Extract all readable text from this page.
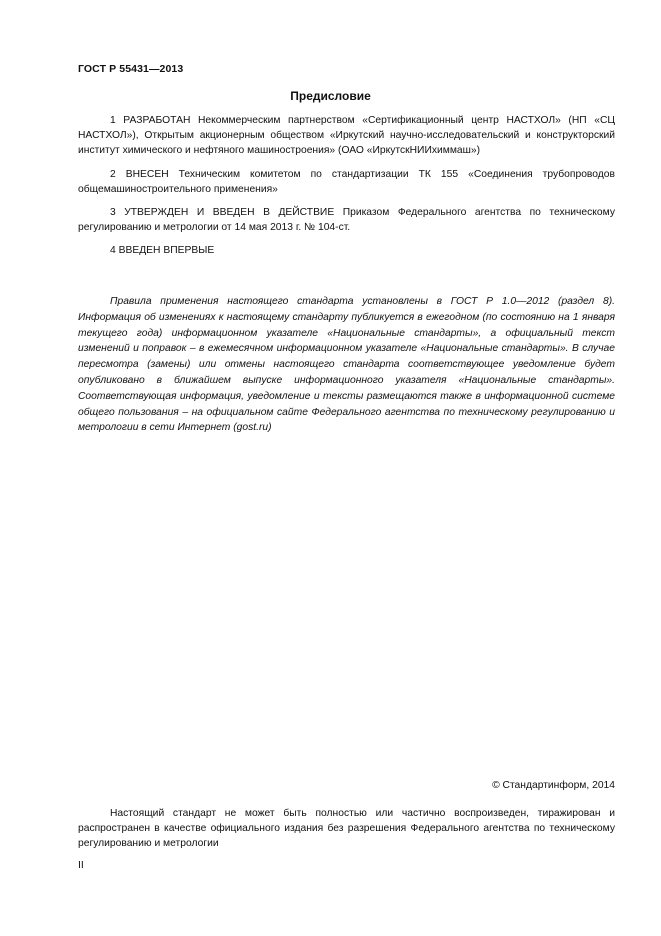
ГОСТ Р 55431—2013
Предисловие
1 РАЗРАБОТАН Некоммерческим партнерством «Сертификационный центр НАСТХОЛ» (НП «СЦ НАСТХОЛ»), Открытым акционерным обществом «Иркутский научно-исследовательский и конструкторский институт химического и нефтяного машиностроения» (ОАО «ИркутскНИИхиммаш»)
2 ВНЕСЕН Техническим комитетом по стандартизации ТК 155 «Соединения трубопроводов общемашиностроительного применения»
3 УТВЕРЖДЕН И ВВЕДЕН В ДЕЙСТВИЕ Приказом Федерального агентства по техническому регулированию и метрологии от 14 мая 2013 г. № 104-ст.
4 ВВЕДЕН ВПЕРВЫЕ
Правила применения настоящего стандарта установлены в ГОСТ Р 1.0—2012 (раздел 8). Информация об изменениях к настоящему стандарту публикуется в ежегодном (по состоянию на 1 января текущего года) информационном указателе «Национальные стандарты», а официальный текст изменений и поправок – в ежемесячном информационном указателе «Национальные стандарты». В случае пересмотра (замены) или отмены настоящего стандарта соответствующее уведомление будет опубликовано в ближайшем выпуске информационного указателя «Национальные стандарты». Соответствующая информация, уведомление и тексты размещаются также в информационной системе общего пользования – на официальном сайте Федерального агентства по техническому регулированию и метрологии в сети Интернет (gost.ru)
© Стандартинформ, 2014
Настоящий стандарт не может быть полностью или частично воспроизведен, тиражирован и распространен в качестве официального издания без разрешения Федерального агентства по техническому регулированию и метрологии
II
